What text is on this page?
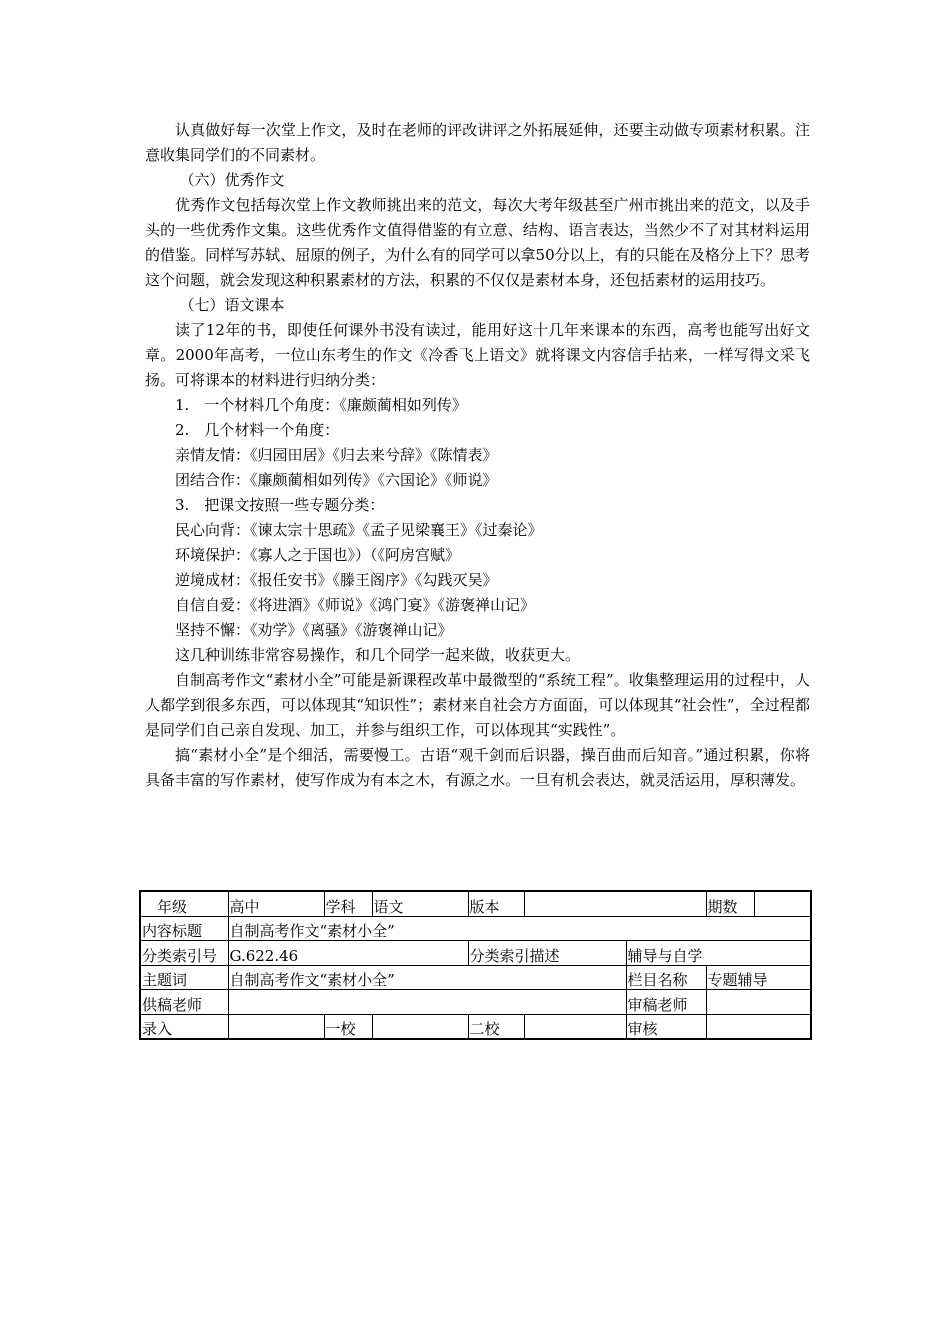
认真做好每一次堂上作文，及时在老师的评改讲评之外拓展延伸，还要主动做专项素材积累。注意收集同学们的不同素材。

（六）优秀作文

优秀作文包括每次堂上作文教师挑出来的范文，每次大考年级甚至广州市挑出来的范文，以及手头的一些优秀作文集。这些优秀作文值得借鉴的有立意、结构、语言表达，当然少不了对其材料运用的借鉴。同样写苏轼、屈原的例子，为什么有的同学可以拿50分以上，有的只能在及格分上下？思考这个问题，就会发现这种积累素材的方法，积累的不仅仅是素材本身，还包括素材的运用技巧。

（七）语文课本

读了12年的书，即使任何课外书没有读过，能用好这十几年来课本的东西，高考也能写出好文章。2000年高考，一位山东考生的作文《冷香飞上语文》就将课文内容信手拈来，一样写得文采飞扬。可将课本的材料进行归纳分类：

1.　一个材料几个角度：《廉颇蔺相如列传》

2.　几个材料一个角度：

亲情友情：《归园田居》《归去来兮辞》《陈情表》

团结合作：《廉颇蔺相如列传》《六国论》《师说》

3.　把课文按照一些专题分类：

民心向背：《谏太宗十思疏》《孟子见梁襄王》《过秦论》

环境保护：《寡人之于国也》）（《阿房宫赋》

逆境成材：《报任安书》《滕王阁序》《勾践灭吴》

自信自爱：《将进酒》《师说》《鸿门宴》《游褒禅山记》

坚持不懈：《劝学》《离骚》《游褒禅山记》

这几种训练非常容易操作，和几个同学一起来做，收获更大。

自制高考作文“素材小全”可能是新课程改革中最微型的“系统工程”。收集整理运用的过程中，人人都学到很多东西，可以体现其“知识性”；素材来自社会方方面面，可以体现其“社会性”，全过程都是同学们自己亲自发现、加工，并参与组织工作，可以体现其“实践性”。

搞“素材小全”是个细活，需要慢工。古语“观千剑而后识器，操百曲而后知音。”通过积累，你将具备丰富的写作素材，使写作成为有本之木，有源之水。一旦有机会表达，就灵活运用，厚积薄发。

年级	高中	学科	语文	版本			期数	
内容标题	自制高考作文“素材小全”							
分类索引号	G.622.46			分类索引描述		辅导与自学		
主题词	自制高考作文“素材小全”					栏目名称	专题辅导	
供稿老师						审稿老师		
录入		一校		二校		审核		
